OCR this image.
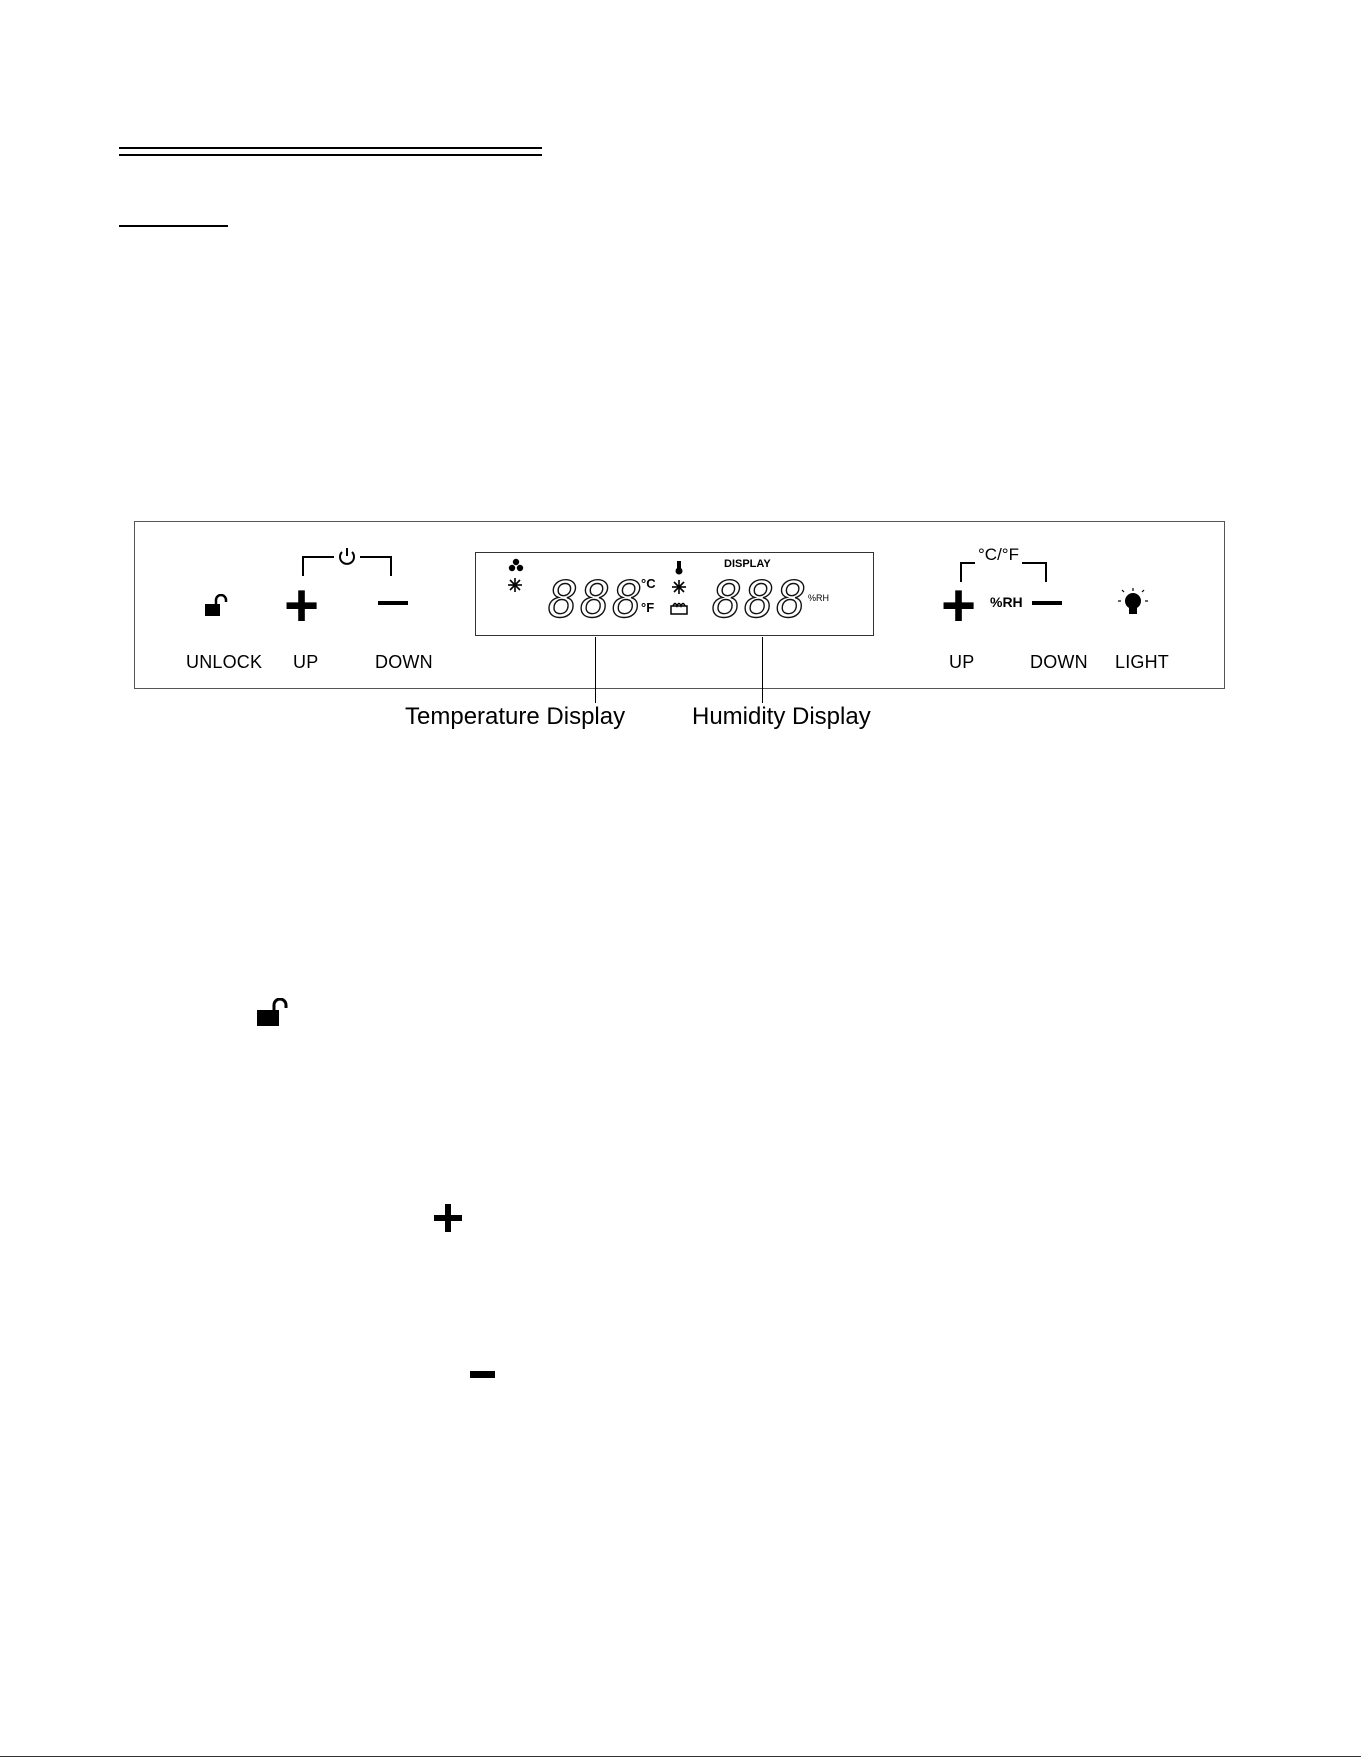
UNLOCK
+
UP	DOWN
888
°C
°F
DISPLAY
888 %RH
Temperature Display	Humidity Display
°C/°F
+ %RH
UP	DOWN LIGHT
